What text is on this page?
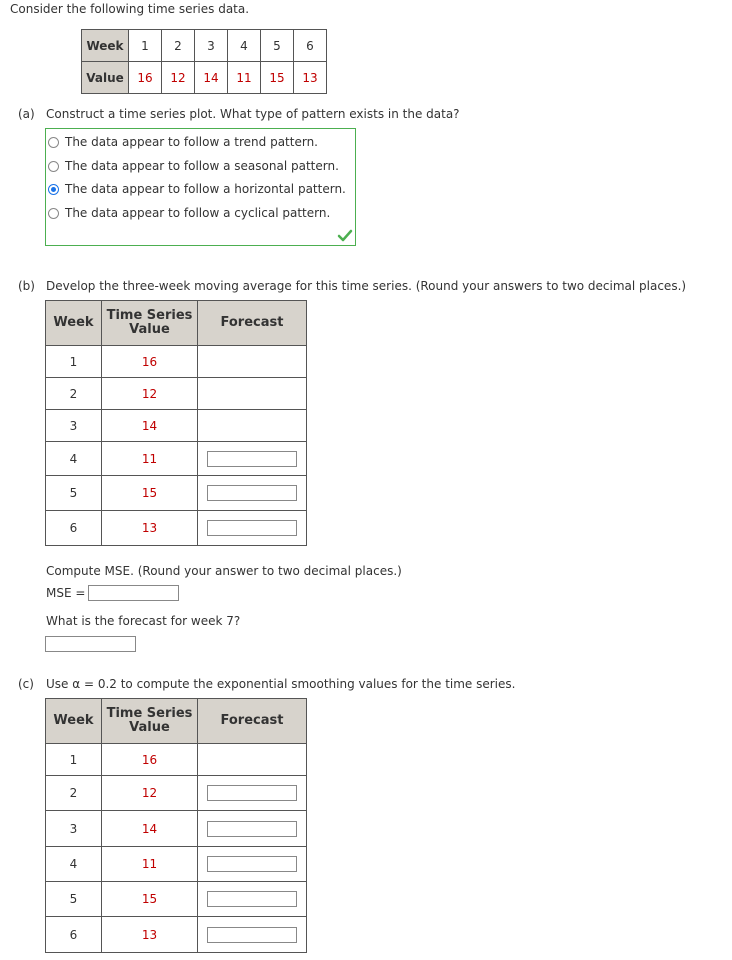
Consider the following time series data.
Week	1	2	3	4	5	6
Value	16	12	14	11	15	13
(a) Construct a time series plot. What type of pattern exists in the data?
The data appear to follow a trend pattern.
The data appear to follow a seasonal pattern.
The data appear to follow a horizontal pattern.
The data appear to follow a cyclical pattern.
(b) Develop the three-week moving average for this time series. (Round your answers to two decimal places.)
Week	Time Series Value	Forecast
1	16	
2	12	
3	14	
4	11	
5	15	
6	13	
Compute MSE. (Round your answer to two decimal places.)
MSE =
What is the forecast for week 7?
(c) Use α = 0.2 to compute the exponential smoothing values for the time series.
Week	Time Series Value	Forecast
1	16	
2	12	
3	14	
4	11	
5	15	
6	13	
